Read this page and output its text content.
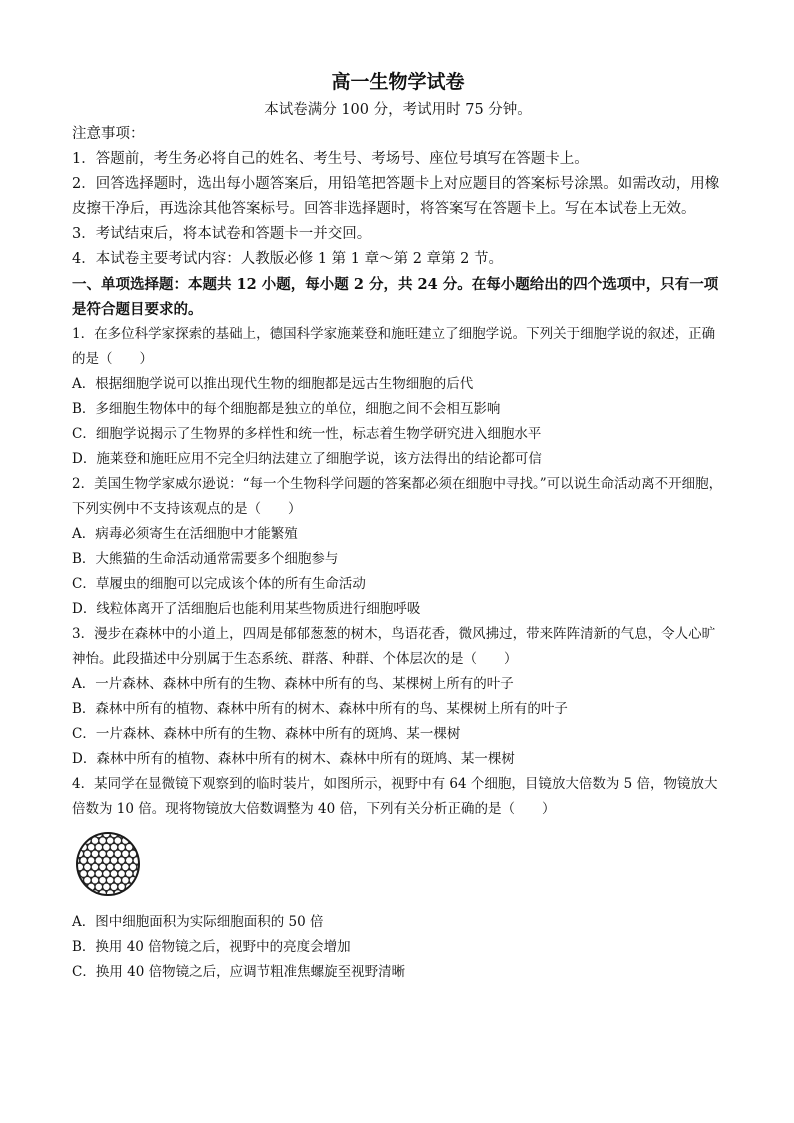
高一生物学试卷
本试卷满分 100 分，考试用时 75 分钟。
注意事项：
1．答题前，考生务必将自己的姓名、考生号、考场号、座位号填写在答题卡上。
2．回答选择题时，选出每小题答案后，用铅笔把答题卡上对应题目的答案标号涂黑。如需改动，用橡皮擦干净后，再选涂其他答案标号。回答非选择题时，将答案写在答题卡上。写在本试卷上无效。
3．考试结束后，将本试卷和答题卡一并交回。
4．本试卷主要考试内容：人教版必修 1 第 1 章～第 2 章第 2 节。
一、单项选择题：本题共 12 小题，每小题 2 分，共 24 分。在每小题给出的四个选项中，只有一项是符合题目要求的。
1．在多位科学家探索的基础上，德国科学家施莱登和施旺建立了细胞学说。下列关于细胞学说的叙述，正确的是（　　）
A．根据细胞学说可以推出现代生物的细胞都是远古生物细胞的后代
B．多细胞生物体中的每个细胞都是独立的单位，细胞之间不会相互影响
C．细胞学说揭示了生物界的多样性和统一性，标志着生物学研究进入细胞水平
D．施莱登和施旺应用不完全归纳法建立了细胞学说，该方法得出的结论都可信
2．美国生物学家威尔逊说：“每一个生物科学问题的答案都必须在细胞中寻找。”可以说生命活动离不开细胞，下列实例中不支持该观点的是（　　）
A．病毒必须寄生在活细胞中才能繁殖
B．大熊猫的生命活动通常需要多个细胞参与
C．草履虫的细胞可以完成该个体的所有生命活动
D．线粒体离开了活细胞后也能利用某些物质进行细胞呼吸
3．漫步在森林中的小道上，四周是郁郁葱葱的树木，鸟语花香，微风拂过，带来阵阵清新的气息，令人心旷神怡。此段描述中分别属于生态系统、群落、种群、个体层次的是（　　）
A．一片森林、森林中所有的生物、森林中所有的鸟、某棵树上所有的叶子
B．森林中所有的植物、森林中所有的树木、森林中所有的鸟、某棵树上所有的叶子
C．一片森林、森林中所有的生物、森林中所有的斑鸠、某一棵树
D．森林中所有的植物、森林中所有的树木、森林中所有的斑鸠、某一棵树
4．某同学在显微镜下观察到的临时装片，如图所示，视野中有 64 个细胞，目镜放大倍数为 5 倍，物镜放大倍数为 10 倍。现将物镜放大倍数调整为 40 倍，下列有关分析正确的是（　　）
A．图中细胞面积为实际细胞面积的 50 倍
B．换用 40 倍物镜之后，视野中的亮度会增加
C．换用 40 倍物镜之后，应调节粗准焦螺旋至视野清晰
